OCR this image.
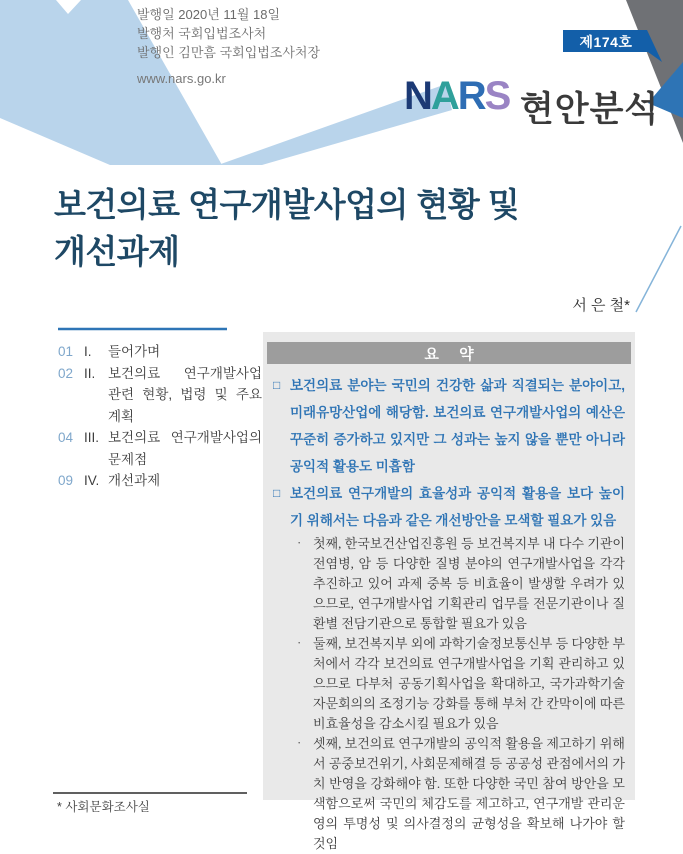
발행일 2020년 11월 18일
발행처 국회입법조사처
발행인 김만흠 국회입법조사처장
www.nars.go.kr
제174호
NARS 현안분석
보건의료 연구개발사업의 현황 및
개선과제
서 은 철*
01 I.	들어가며
02 II. 보건의료 연구개발사업 관련 현황, 법령 및 주요 계획
04 III. 보건의료 연구개발사업의 문제점
09 IV. 개선과제
요 약
□ 보건의료 분야는 국민의 건강한 삶과 직결되는 분야이고, 미래유망산업에 해당함. 보건의료 연구개발사업의 예산은 꾸준히 증가하고 있지만 그 성과는 높지 않을 뿐만 아니라 공익적 활용도 미흡함
□ 보건의료 연구개발의 효율성과 공익적 활용을 보다 높이기 위해서는 다음과 같은 개선방안을 모색할 필요가 있음
· 첫째, 한국보건산업진흥원 등 보건복지부 내 다수 기관이 전염병, 암 등 다양한 질병 분야의 연구개발사업을 각각 추진하고 있어 과제 중복 등 비효율이 발생할 우려가 있으므로, 연구개발사업 기획관리 업무를 전문기관이나 질환별 전담기관으로 통합할 필요가 있음
· 둘째, 보건복지부 외에 과학기술정보통신부 등 다양한 부처에서 각각 보건의료 연구개발사업을 기획 관리하고 있으므로 다부처 공동기획사업을 확대하고, 국가과학기술자문회의의 조정기능 강화를 통해 부처 간 칸막이에 따른 비효율성을 감소시킬 필요가 있음
· 셋째, 보건의료 연구개발의 공익적 활용을 제고하기 위해서 공중보건위기, 사회문제해결 등 공공성 관점에서의 가치 반영을 강화해야 함. 또한 다양한 국민 참여 방안을 모색함으로써 국민의 체감도를 제고하고, 연구개발 관리운영의 투명성 및 의사결정의 균형성을 확보해 나가야 할 것임
* 사회문화조사실
